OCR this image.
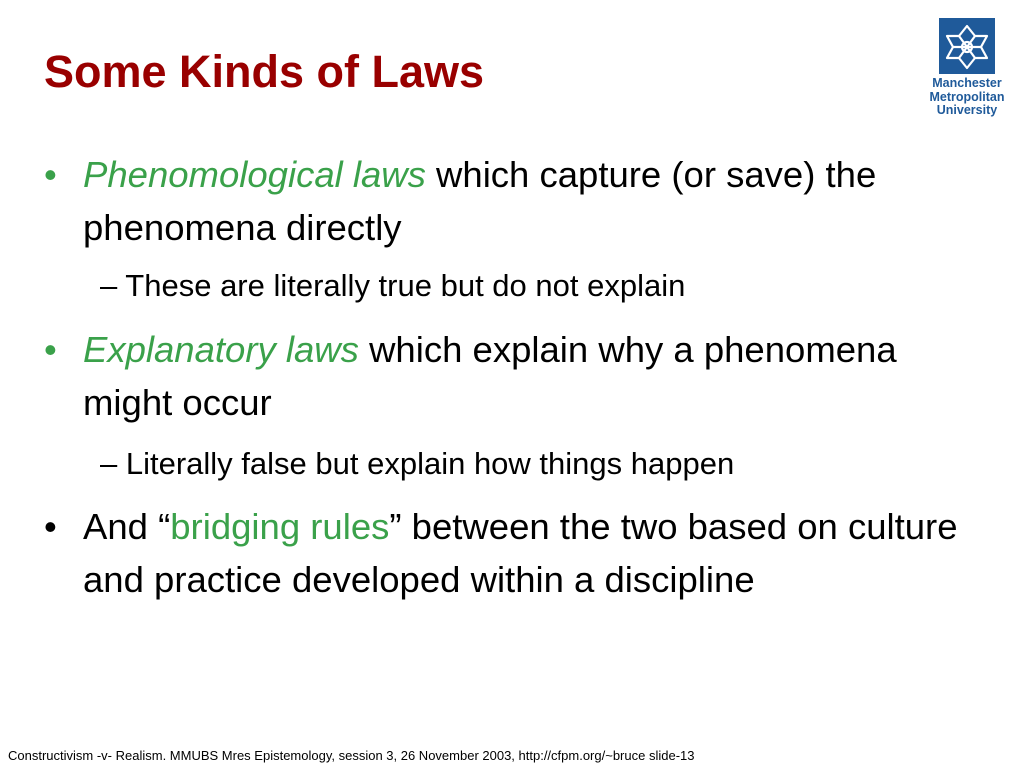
Some Kinds of Laws	Manchester
Metropolitan
University
• Phenomological laws which capture (or save) the phenomena directly

– These are literally true but do not explain

• Explanatory laws which explain why a phenomena might occur

– Literally false but explain how things happen

• And “bridging rules” between the two based on culture and practice developed within a discipline

Constructivism -v- Realism. MMUBS Mres Epistemology, session 3, 26 November 2003, http://cfpm.org/~bruce slide-13
